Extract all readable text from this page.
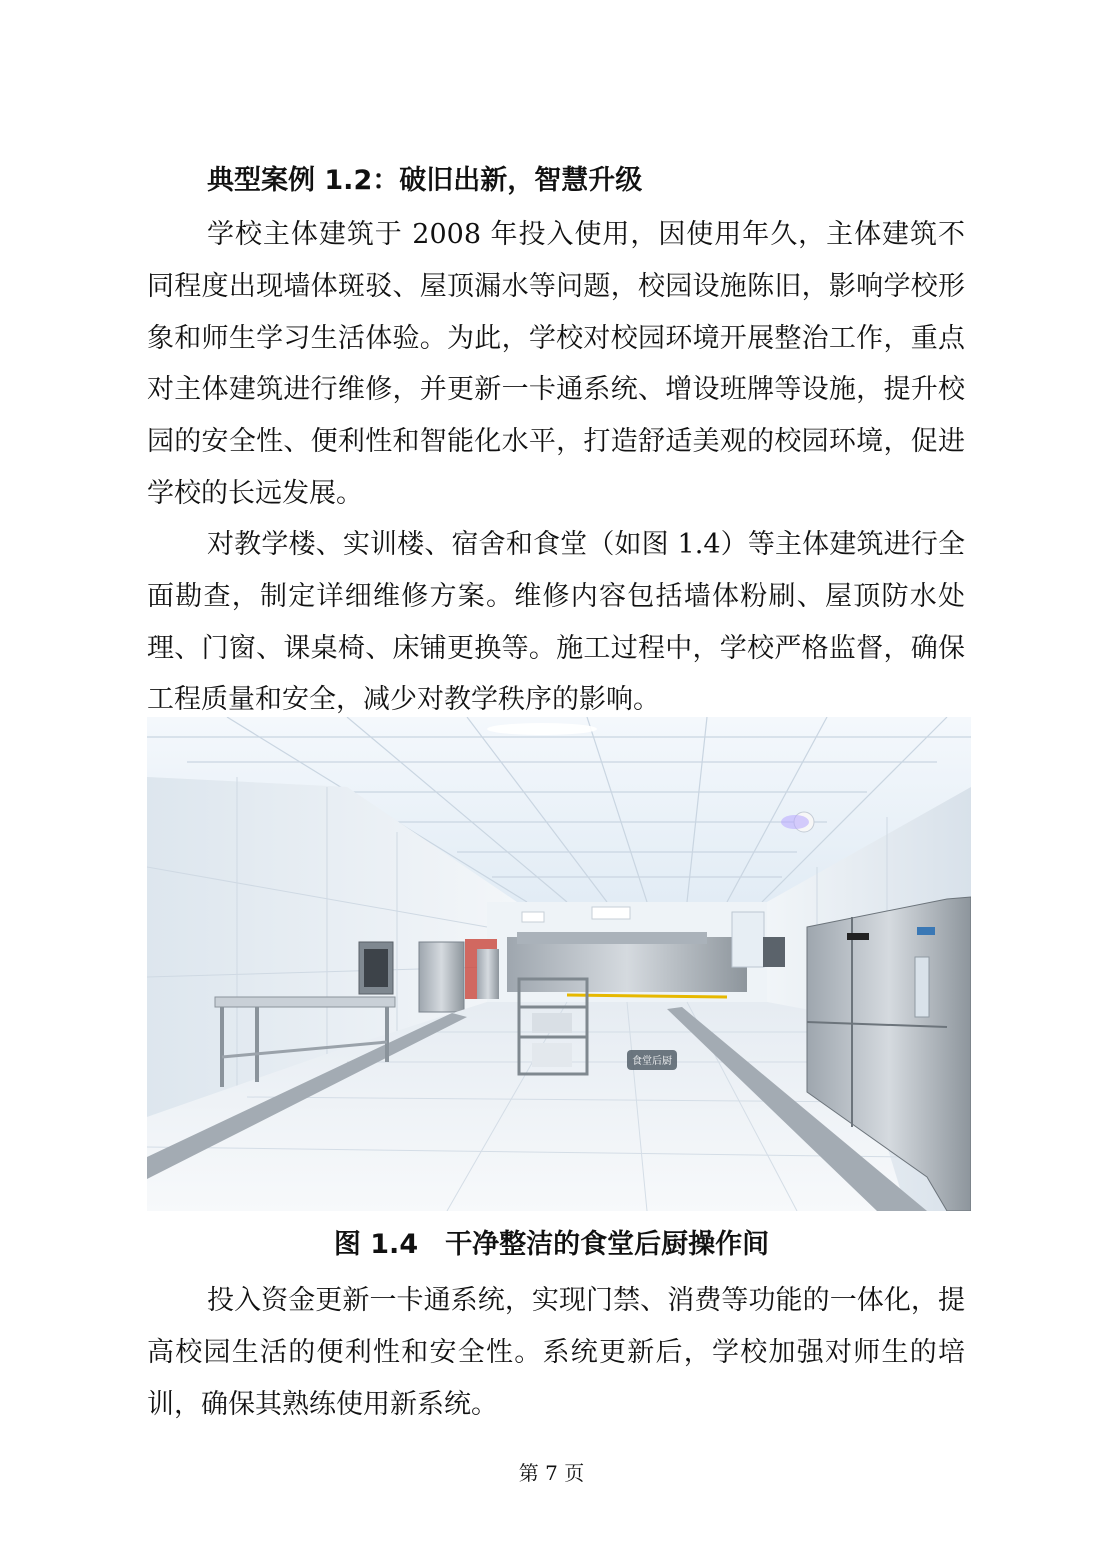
典型案例 1.2：破旧出新，智慧升级

学校主体建筑于 2008 年投入使用，因使用年久，主体建筑不同程度出现墙体斑驳、屋顶漏水等问题，校园设施陈旧，影响学校形象和师生学习生活体验。为此，学校对校园环境开展整治工作，重点对主体建筑进行维修，并更新一卡通系统、增设班牌等设施，提升校园的安全性、便利性和智能化水平，打造舒适美观的校园环境，促进学校的长远发展。

对教学楼、实训楼、宿舍和食堂（如图 1.4）等主体建筑进行全面勘查，制定详细维修方案。维修内容包括墙体粉刷、屋顶防水处理、门窗、课桌椅、床铺更换等。施工过程中，学校严格监督，确保工程质量和安全，减少对教学秩序的影响。

食堂后厨
图 1.4　干净整洁的食堂后厨操作间

投入资金更新一卡通系统，实现门禁、消费等功能的一体化，提高校园生活的便利性和安全性。系统更新后，学校加强对师生的培训，确保其熟练使用新系统。

第 7 页
